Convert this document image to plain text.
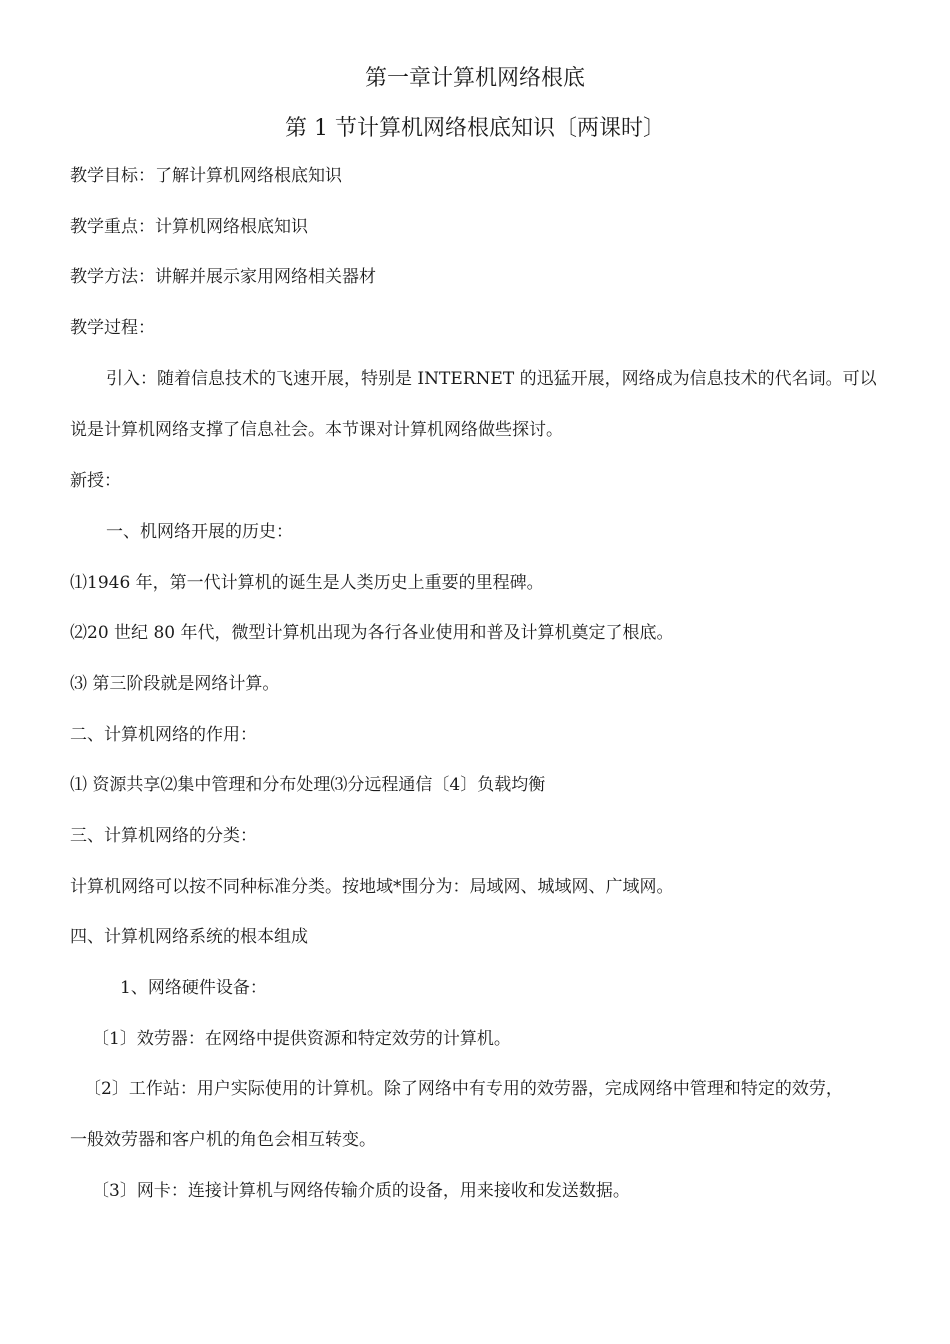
第一章计算机网络根底
第 1 节计算机网络根底知识〔两课时〕
教学目标：了解计算机网络根底知识
教学重点：计算机网络根底知识
教学方法：讲解并展示家用网络相关器材
教学过程：
引入：随着信息技术的飞速开展，特别是 INTERNET 的迅猛开展，网络成为信息技术的代名词。可以
说是计算机网络支撑了信息社会。本节课对计算机网络做些探讨。
新授：
一、机网络开展的历史：
⑴1946 年，第一代计算机的诞生是人类历史上重要的里程碑。
⑵20 世纪 80 年代，微型计算机出现为各行各业使用和普及计算机奠定了根底。
⑶ 第三阶段就是网络计算。
二、计算机网络的作用：
⑴ 资源共享⑵集中管理和分布处理⑶分远程通信〔4〕负载均衡
三、计算机网络的分类：
计算机网络可以按不同种标准分类。按地域*围分为：局域网、城域网、广域网。
四、计算机网络系统的根本组成
1、网络硬件设备：
〔1〕效劳器：在网络中提供资源和特定效劳的计算机。
〔2〕工作站：用户实际使用的计算机。除了网络中有专用的效劳器，完成网络中管理和特定的效劳，
一般效劳器和客户机的角色会相互转变。
〔3〕网卡：连接计算机与网络传输介质的设备，用来接收和发送数据。
